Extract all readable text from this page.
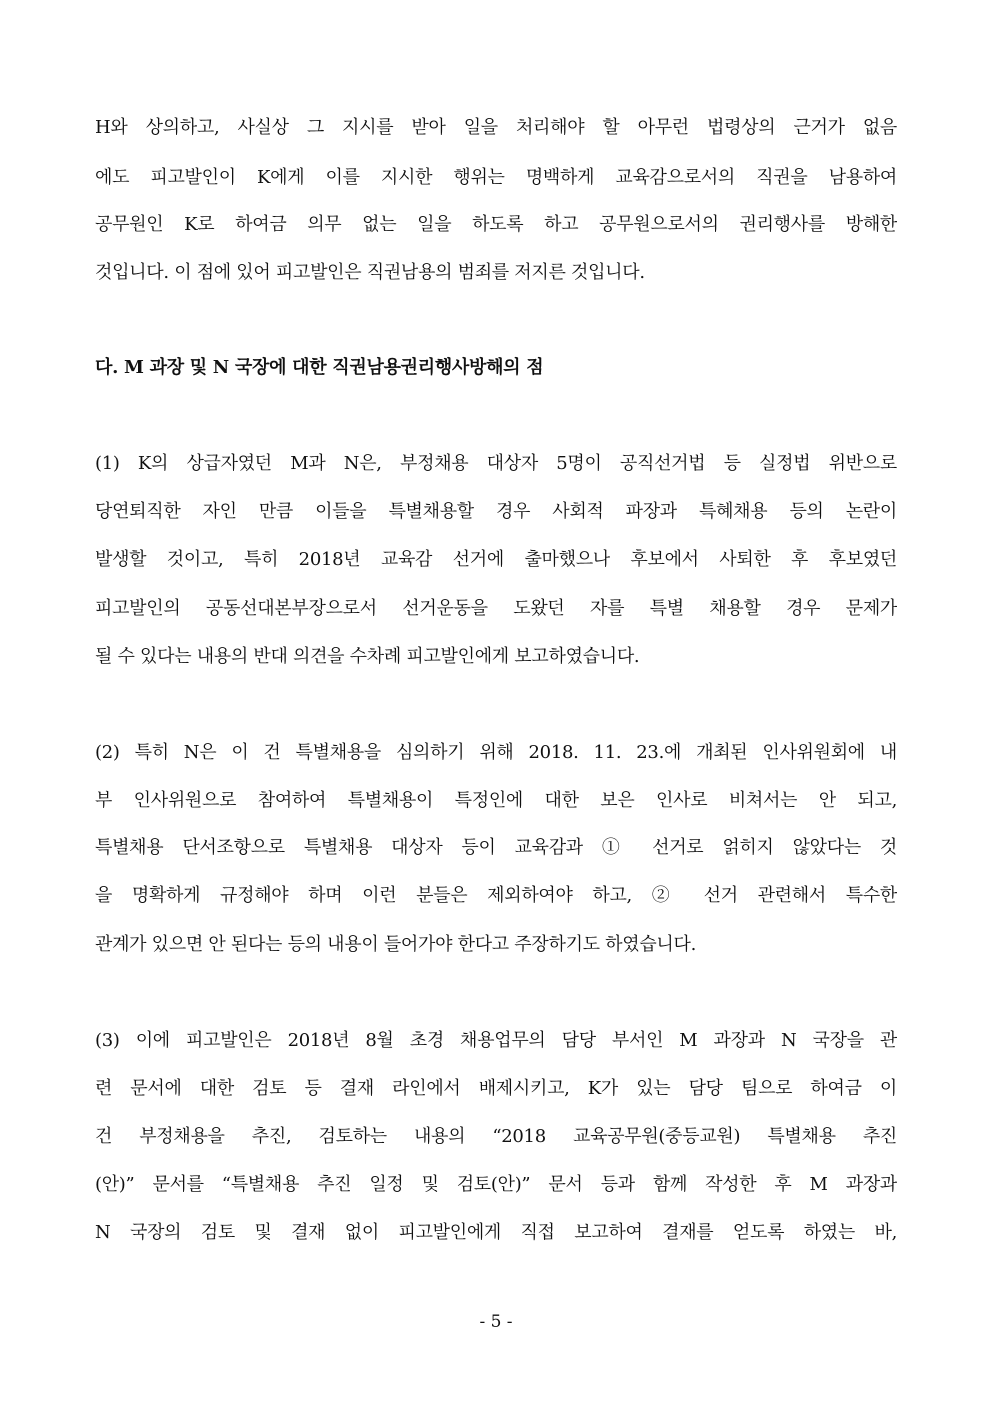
H와 상의하고, 사실상 그 지시를 받아 일을 처리해야 할 아무런 법령상의 근거가 없음
에도 피고발인이 K에게 이를 지시한 행위는 명백하게 교육감으로서의 직권을 남용하여
공무원인 K로 하여금 의무 없는 일을 하도록 하고 공무원으로서의 권리행사를 방해한
것입니다. 이 점에 있어 피고발인은 직권남용의 범죄를 저지른 것입니다.
다. M 과장 및 N 국장에 대한 직권남용권리행사방해의 점
(1) K의 상급자였던 M과 N은, 부정채용 대상자 5명이 공직선거법 등 실정법 위반으로
당연퇴직한 자인 만큼 이들을 특별채용할 경우 사회적 파장과 특혜채용 등의 논란이
발생할 것이고, 특히 2018년 교육감 선거에 출마했으나 후보에서 사퇴한 후 후보였던
피고발인의 공동선대본부장으로서 선거운동을 도왔던 자를 특별 채용할 경우 문제가
될 수 있다는 내용의 반대 의견을 수차례 피고발인에게 보고하였습니다.
(2) 특히 N은 이 건 특별채용을 심의하기 위해 2018. 11. 23.에 개최된 인사위원회에 내
부 인사위원으로 참여하여 특별채용이 특정인에 대한 보은 인사로 비쳐서는 안 되고,
특별채용 단서조항으로 특별채용 대상자 등이 교육감과 ① 선거로 얽히지 않았다는 것
을 명확하게 규정해야 하며 이런 분들은 제외하여야 하고, ② 선거 관련해서 특수한
관계가 있으면 안 된다는 등의 내용이 들어가야 한다고 주장하기도 하였습니다.
(3) 이에 피고발인은 2018년 8월 초경 채용업무의 담당 부서인 M 과장과 N 국장을 관
련 문서에 대한 검토 등 결재 라인에서 배제시키고, K가 있는 담당 팀으로 하여금 이
건 부정채용을 추진, 검토하는 내용의 “2018 교육공무원(중등교원) 특별채용 추진
(안)” 문서를 “특별채용 추진 일정 및 검토(안)” 문서 등과 함께 작성한 후 M 과장과
N 국장의 검토 및 결재 없이 피고발인에게 직접 보고하여 결재를 얻도록 하였는 바,
- 5 -
